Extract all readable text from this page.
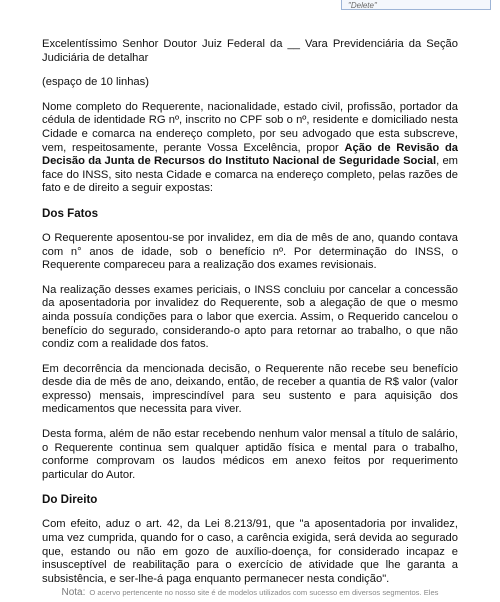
"Delete"

Excelentíssimo Senhor Doutor Juiz Federal da __ Vara Previdenciária da Seção Judiciária de detalhar

(espaço de 10 linhas)

Nome completo do Requerente, nacionalidade, estado civil, profissão, portador da cédula de identidade RG nº, inscrito no CPF sob o nº, residente e domiciliado nesta Cidade e comarca na endereço completo, por seu advogado que esta subscreve, vem, respeitosamente, perante Vossa Excelência, propor Ação de Revisão da Decisão da Junta de Recursos do Instituto Nacional de Seguridade Social, em face do INSS, sito nesta Cidade e comarca na endereço completo, pelas razões de fato e de direito a seguir expostas:

Dos Fatos

O Requerente aposentou-se por invalidez, em dia de mês de ano, quando contava com n° anos de idade, sob o benefício nº. Por determinação do INSS, o Requerente compareceu para a realização dos exames revisionais.

Na realização desses exames periciais, o INSS concluiu por cancelar a concessão da aposentadoria por invalidez do Requerente, sob a alegação de que o mesmo ainda possuía condições para o labor que exercia. Assim, o Requerido cancelou o benefício do segurado, considerando-o apto para retornar ao trabalho, o que não condiz com a realidade dos fatos.

Em decorrência da mencionada decisão, o Requerente não recebe seu benefício desde dia de mês de ano, deixando, então, de receber a quantia de R$ valor (valor expresso) mensais, imprescindível para seu sustento e para aquisição dos medicamentos que necessita para viver.

Desta forma, além de não estar recebendo nenhum valor mensal a título de salário, o Requerente continua sem qualquer aptidão física e mental para o trabalho, conforme comprovam os laudos médicos em anexo feitos por requerimento particular do Autor.

Do Direito

Com efeito, aduz o art. 42, da Lei 8.213/91, que "a aposentadoria por invalidez, uma vez cumprida, quando for o caso, a carência exigida, será devida ao segurado que, estando ou não em gozo de auxílio-doença, for considerado incapaz e insusceptível de reabilitação para o exercício de atividade que lhe garanta a subsistência, e ser-lhe-á paga enquanto permanecer nesta condição".

Nota: O acervo pertencente no nosso site é de modelos utilizados com sucesso em diversos segmentos. Eles
